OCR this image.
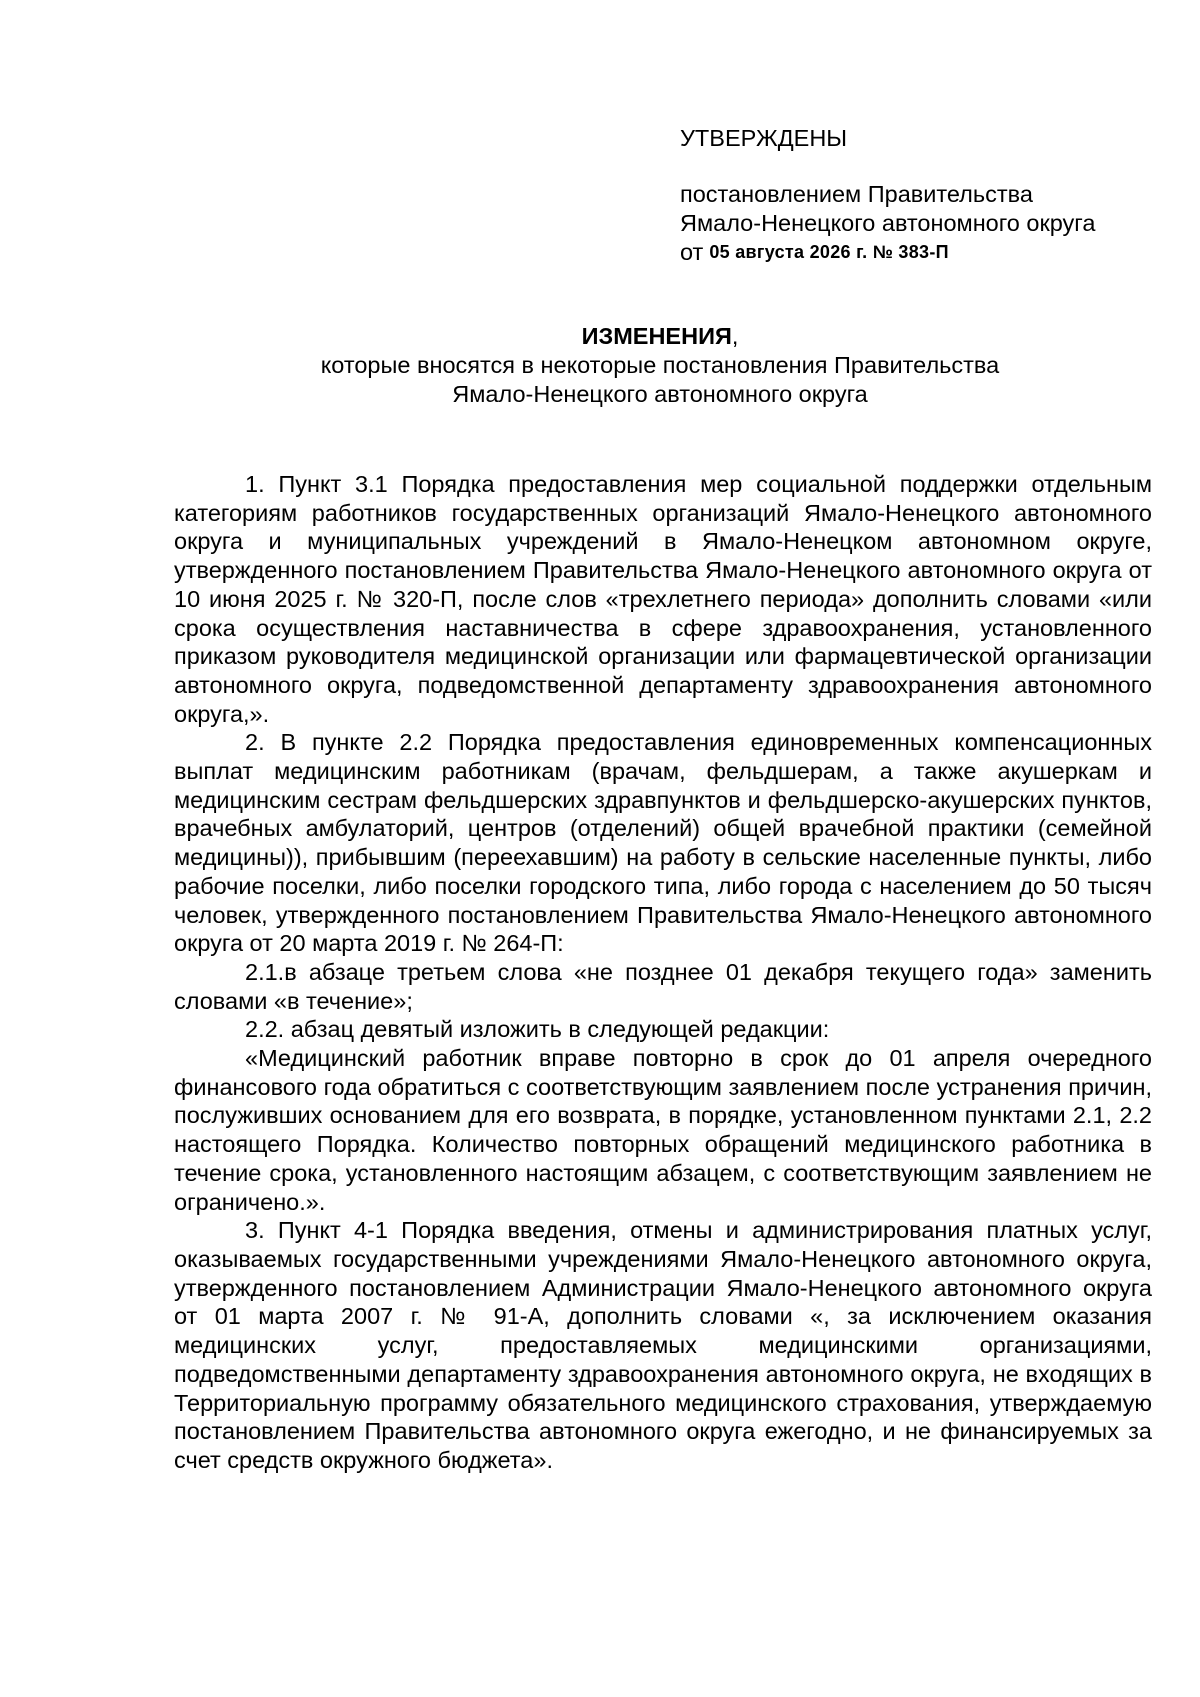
УТВЕРЖДЕНЫ
постановлением Правительства
Ямало-Ненецкого автономного округа
от 05 августа 2026 г. № 383-П
ИЗМЕНЕНИЯ,
которые вносятся в некоторые постановления Правительства
Ямало-Ненецкого автономного округа

1. Пункт 3.1 Порядка предоставления мер социальной поддержки отдельным категориям работников государственных организаций Ямало-Ненецкого автономного округа и муниципальных учреждений в Ямало-Ненецком автономном округе, утвержденного постановлением Правительства Ямало-Ненецкого автономного округа от 10 июня 2025 г. № 320-П, после слов «трехлетнего периода» дополнить словами «или срока осуществления наставничества в сфере здравоохранения, установленного приказом руководителя медицинской организации или фармацевтической организации автономного округа, подведомственной департаменту здравоохранения автономного округа,».

2. В пункте 2.2 Порядка предоставления единовременных компенсационных выплат медицинским работникам (врачам, фельдшерам, а также акушеркам и медицинским сестрам фельдшерских здравпунктов и фельдшерско-акушерских пунктов, врачебных амбулаторий, центров (отделений) общей врачебной практики (семейной медицины)), прибывшим (переехавшим) на работу в сельские населенные пункты, либо рабочие поселки, либо поселки городского типа, либо города с населением до 50 тысяч человек, утвержденного постановлением Правительства Ямало-Ненецкого автономного округа от 20 марта 2019 г. № 264-П:

2.1.в абзаце третьем слова «не позднее 01 декабря текущего года» заменить словами «в течение»;

2.2. абзац девятый изложить в следующей редакции:

«Медицинский работник вправе повторно в срок до 01 апреля очередного финансового года обратиться с соответствующим заявлением после устранения причин, послуживших основанием для его возврата, в порядке, установленном пунктами 2.1, 2.2 настоящего Порядка. Количество повторных обращений медицинского работника в течение срока, установленного настоящим абзацем, с соответствующим заявлением не ограничено.».

3. Пункт 4-1 Порядка введения, отмены и администрирования платных услуг, оказываемых государственными учреждениями Ямало-Ненецкого автономного округа, утвержденного постановлением Администрации Ямало-Ненецкого автономного округа от 01 марта 2007 г. № 91-А, дополнить словами «, за исключением оказания медицинских услуг, предоставляемых медицинскими организациями, подведомственными департаменту здравоохранения автономного округа, не входящих в Территориальную программу обязательного медицинского страхования, утверждаемую постановлением Правительства автономного округа ежегодно, и не финансируемых за счет средств окружного бюджета».
